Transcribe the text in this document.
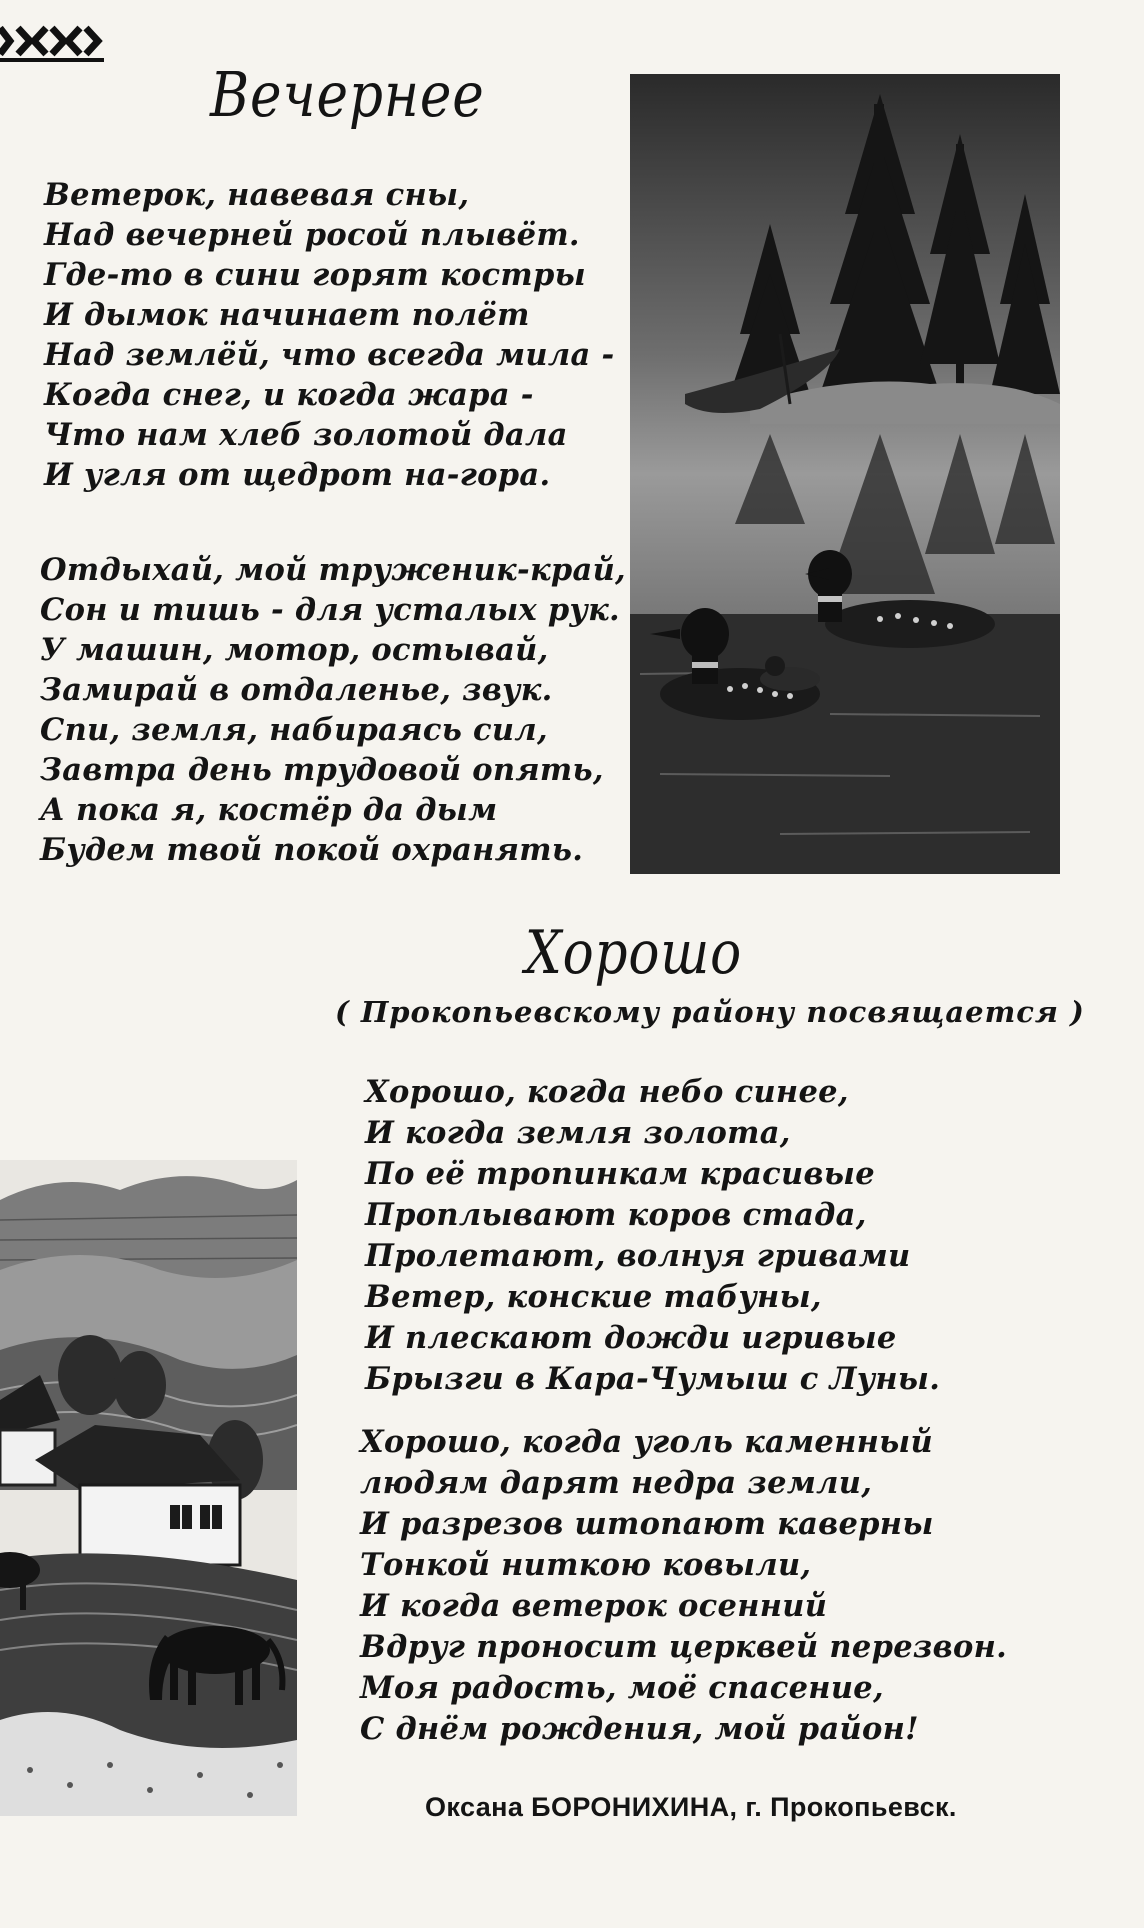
Вечернее
Ветерок, навевая сны,
Над вечерней росой плывёт.
Где-то в сини горят костры
И дымок начинает полёт
Над землёй, что всегда мила -
Когда снег, и когда жара -
Что нам хлеб золотой дала
И угля от щедрот на-гора.
Отдыхай, мой труженик-край,
Сон и тишь - для усталых рук.
У машин, мотор, остывай,
Замирай в отдаленье, звук.
Спи, земля, набираясь сил,
Завтра день трудовой опять,
А пока я, костёр да дым
Будем твой покой охранять.
Хорошо
( Прокопьевскому району посвящается )
Хорошо, когда небо синее,
И когда земля золота,
По её тропинкам красивые
Проплывают коров стада,
Пролетают, волнуя гривами
Ветер, конские табуны,
И плескают дожди игривые
Брызги в Кара-Чумыш с Луны.
Хорошо, когда уголь каменный
людям дарят недра земли,
И разрезов штопают каверны
Тонкой ниткою ковыли,
И когда ветерок осенний
Вдруг проносит церквей перезвон.
Моя радость, моё спасение,
С днём рождения, мой район!
Оксана БОРОНИХИНА, г. Прокопьевск.
